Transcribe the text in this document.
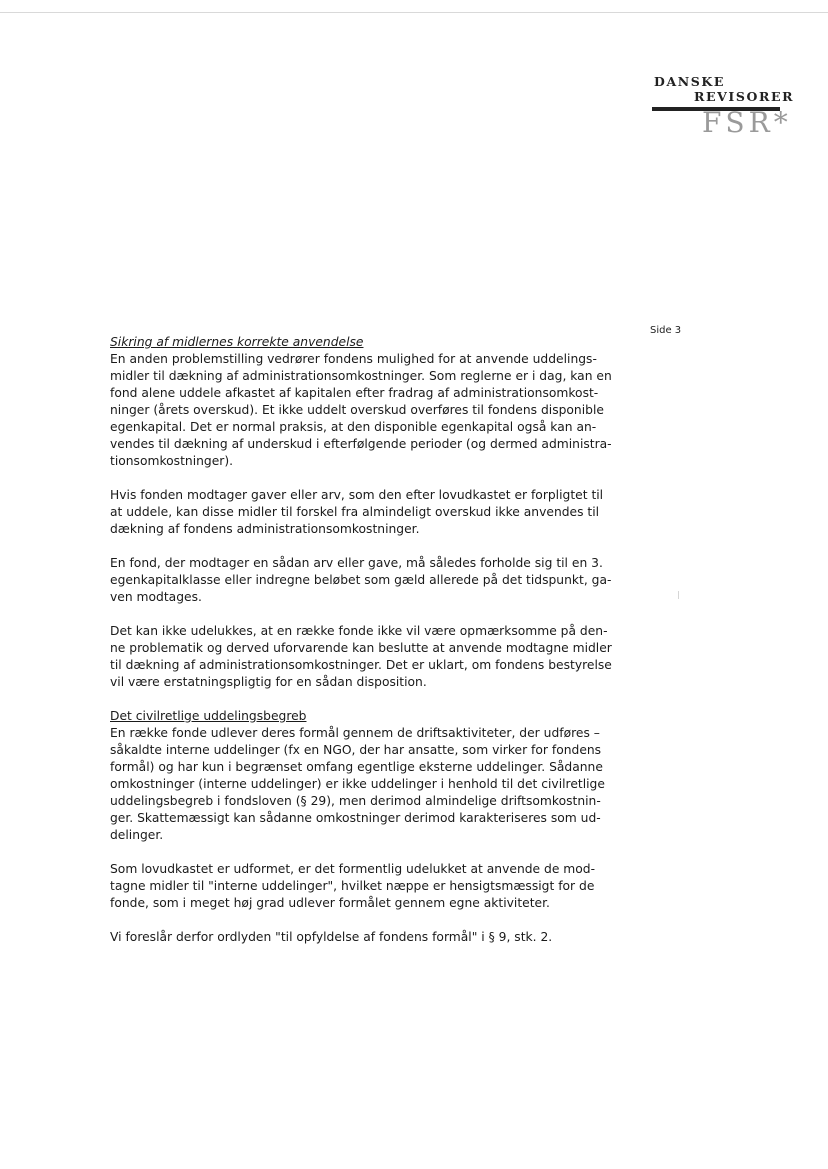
DANSKE
REVISORER
FSR*
Side 3
Sikring af midlernes korrekte anvendelse

En anden problemstilling vedrører fondens mulighed for at anvende uddelings-
midler til dækning af administrationsomkostninger. Som reglerne er i dag, kan en
fond alene uddele afkastet af kapitalen efter fradrag af administrationsomkost-
ninger (årets overskud). Et ikke uddelt overskud overføres til fondens disponible
egenkapital. Det er normal praksis, at den disponible egenkapital også kan an-
vendes til dækning af underskud i efterfølgende perioder (og dermed administra-
tionsomkostninger).

Hvis fonden modtager gaver eller arv, som den efter lovudkastet er forpligtet til
at uddele, kan disse midler til forskel fra almindeligt overskud ikke anvendes til
dækning af fondens administrationsomkostninger.

En fond, der modtager en sådan arv eller gave, må således forholde sig til en 3.
egenkapitalklasse eller indregne beløbet som gæld allerede på det tidspunkt, ga-
ven modtages.

Det kan ikke udelukkes, at en række fonde ikke vil være opmærksomme på den-
ne problematik og derved uforvarende kan beslutte at anvende modtagne midler
til dækning af administrationsomkostninger. Det er uklart, om fondens bestyrelse
vil være erstatningspligtig for en sådan disposition.

Det civilretlige uddelingsbegreb

En række fonde udlever deres formål gennem de driftsaktiviteter, der udføres –
såkaldte interne uddelinger (fx en NGO, der har ansatte, som virker for fondens
formål) og har kun i begrænset omfang egentlige eksterne uddelinger. Sådanne
omkostninger (interne uddelinger) er ikke uddelinger i henhold til det civilretlige
uddelingsbegreb i fondsloven (§ 29), men derimod almindelige driftsomkostnin-
ger. Skattemæssigt kan sådanne omkostninger derimod karakteriseres som ud-
delinger.

Som lovudkastet er udformet, er det formentlig udelukket at anvende de mod-
tagne midler til "interne uddelinger", hvilket næppe er hensigtsmæssigt for de
fonde, som i meget høj grad udlever formålet gennem egne aktiviteter.

Vi foreslår derfor ordlyden "til opfyldelse af fondens formål" i § 9, stk. 2.
